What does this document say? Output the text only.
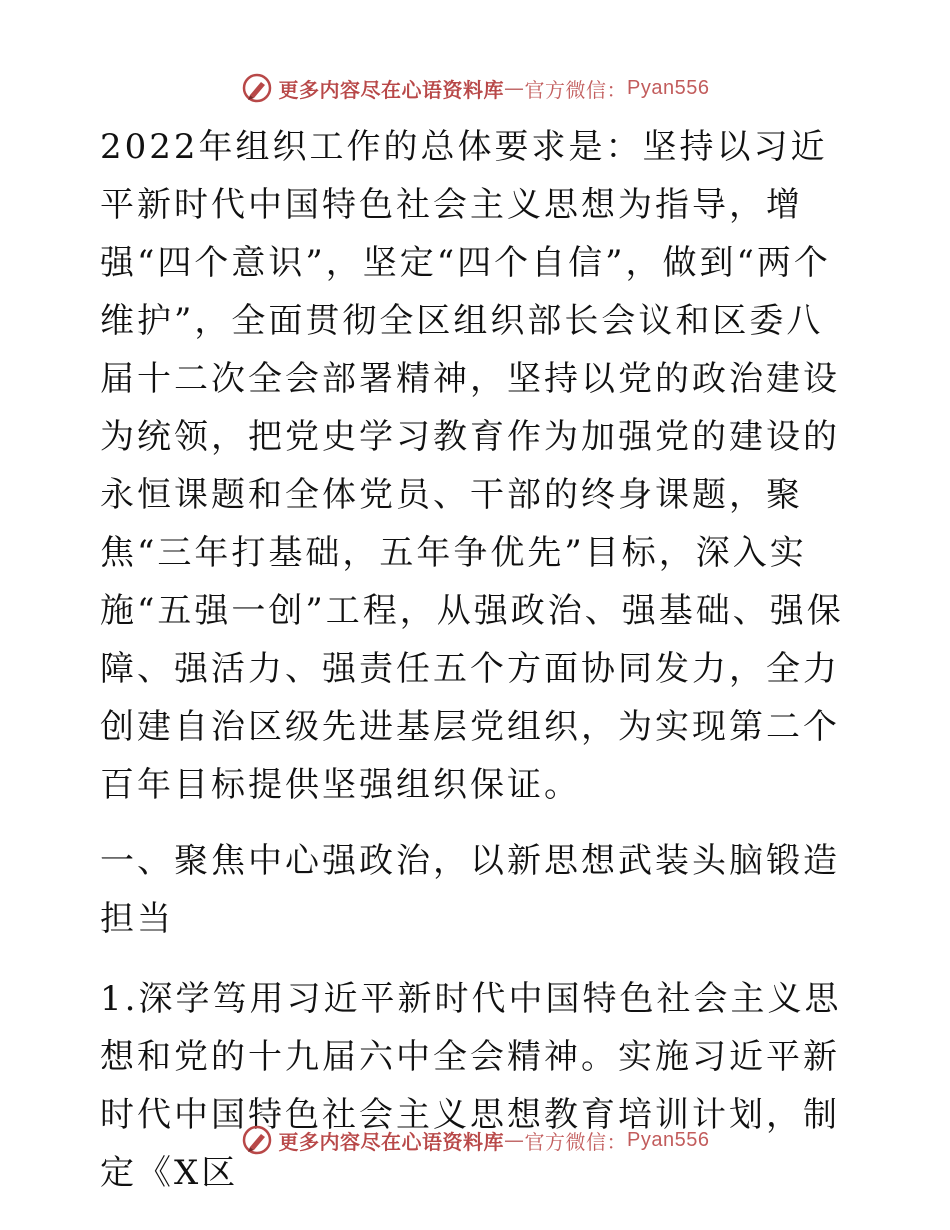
更多内容尽在心语资料库 — 官方微信： Pyan556

2022年组织工作的总体要求是：坚持以习近平新时代中国特色社会主义思想为指导，增强“四个意识”，坚定“四个自信”，做到“两个维护”，全面贯彻全区组织部长会议和区委八届十二次全会部署精神，坚持以党的政治建设为统领，把党史学习教育作为加强党的建设的永恒课题和全体党员、干部的终身课题，聚焦“三年打基础，五年争优先”目标，深入实施“五强一创”工程，从强政治、强基础、强保障、强活力、强责任五个方面协同发力，全力创建自治区级先进基层党组织，为实现第二个百年目标提供坚强组织保证。

一、聚焦中心强政治，以新思想武装头脑锻造担当

1.深学笃用习近平新时代中国特色社会主义思想和党的十九届六中全会精神。实施习近平新时代中国特色社会主义思想教育培训计划，制定《X区

更多内容尽在心语资料库 — 官方微信： Pyan556
